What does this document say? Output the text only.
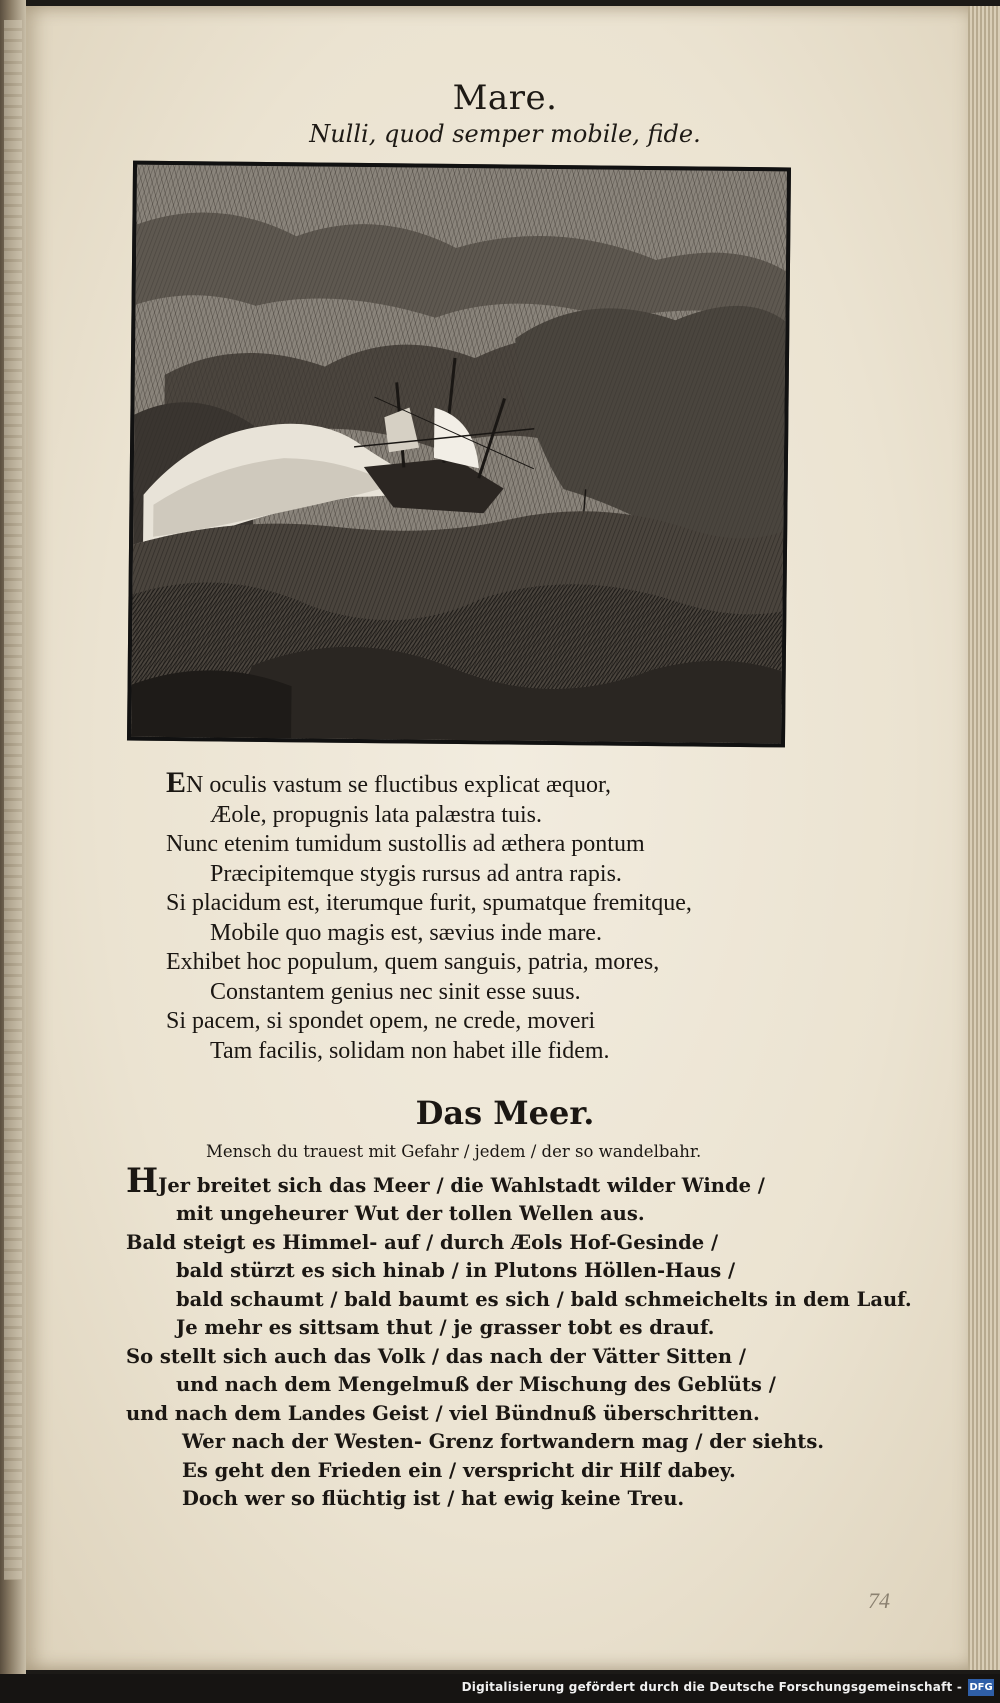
Mare.
Nulli, quod semper mobile, fide.
EN oculis vastum se fluctibus explicat æquor,
Æole, propugnis lata palæstra tuis.
Nunc etenim tumidum sustollis ad æthera pontum
Præcipitemque stygis rursus ad antra rapis.
Si placidum est, iterumque furit, spumatque fremitque,
Mobile quo magis est, sævius inde mare.
Exhibet hoc populum, quem sanguis, patria, mores,
Constantem genius nec sinit esse suus.
Si pacem, si spondet opem, ne crede, moveri
Tam facilis, solidam non habet ille fidem.
Das Meer.
Mensch du trauest mit Gefahr / jedem / der so wandelbahr.
HJer breitet sich das Meer / die Wahlstadt wilder Winde /
mit ungeheurer Wut der tollen Wellen aus.
Bald steigt es Himmel- auf / durch Æols Hof-Gesinde /
bald stürzt es sich hinab / in Plutons Höllen-Haus /
bald schaumt / bald baumt es sich / bald schmeichelts in dem Lauf.
Je mehr es sittsam thut / je grasser tobt es drauf.
So stellt sich auch das Volk / das nach der Vätter Sitten /
und nach dem Mengelmuß der Mischung des Geblüts /
und nach dem Landes Geist / viel Bündnuß überschritten.
Wer nach der Westen- Grenz fortwandern mag / der siehts.
Es geht den Frieden ein / verspricht dir Hilf dabey.
Doch wer so flüchtig ist / hat ewig keine Treu.
74
Digitalisierung gefördert durch die Deutsche Forschungsgemeinschaft - DFG
